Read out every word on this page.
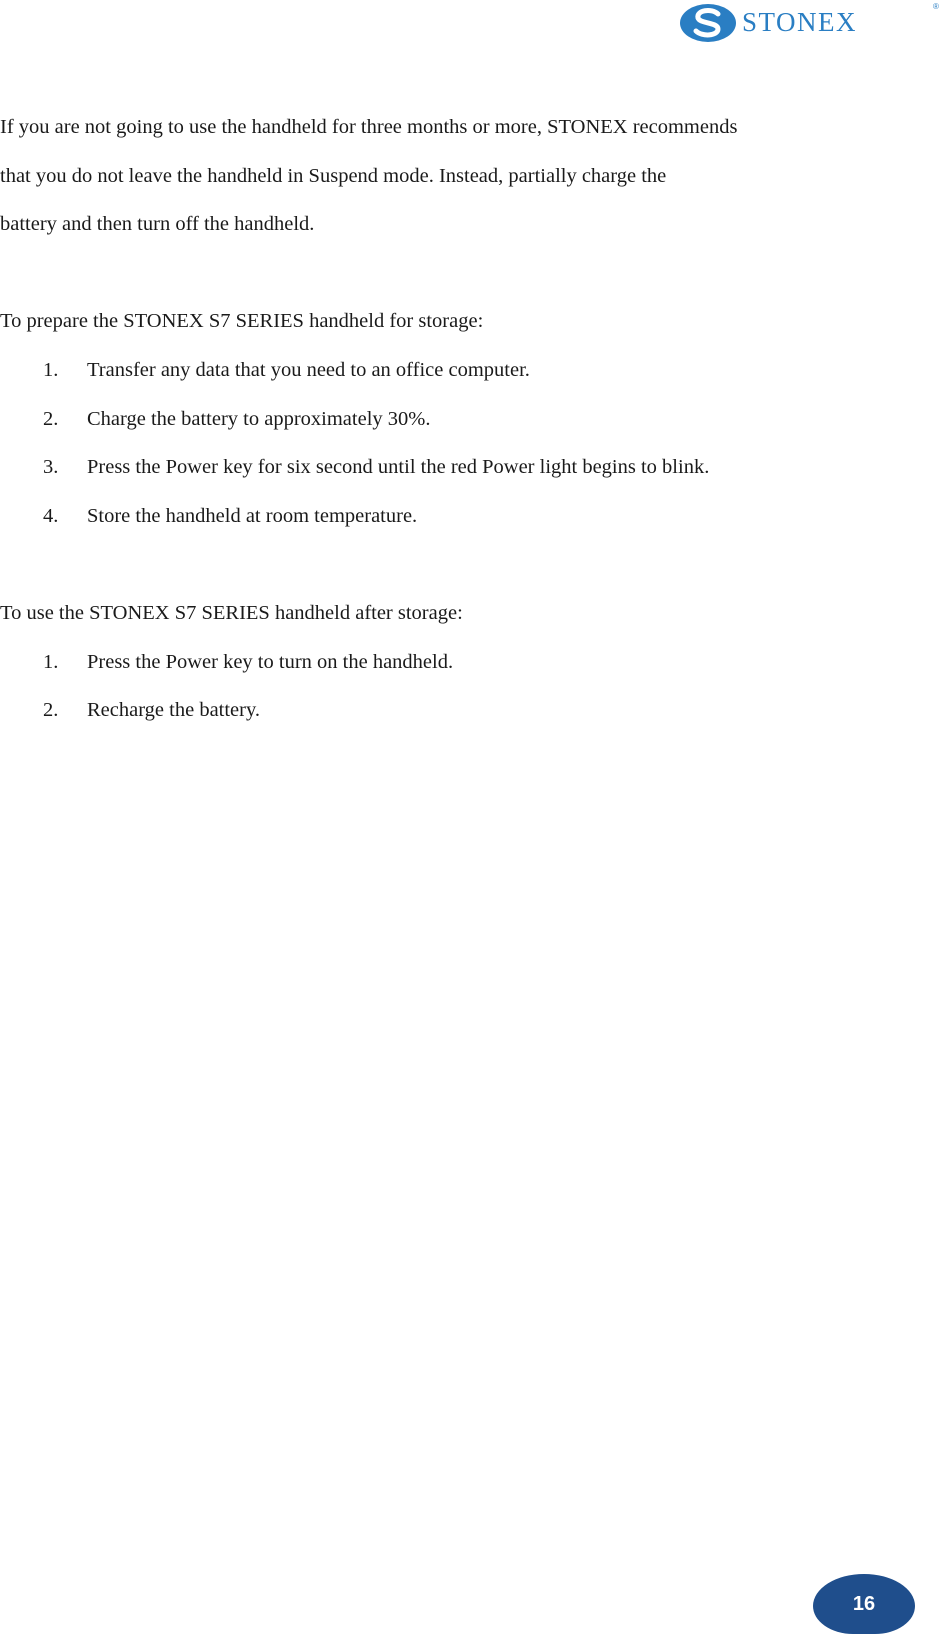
STONEX
®

If you are not going to use the handheld for three months or more, STONEX recommends
that you do not leave the handheld in Suspend mode. Instead, partially charge the
battery and then turn off the handheld.

To prepare the STONEX S7 SERIES handheld for storage:

1. Transfer any data that you need to an office computer.
2. Charge the battery to approximately 30%.
3. Press the Power key for six second until the red Power light begins to blink.
4. Store the handheld at room temperature.

To use the STONEX S7 SERIES handheld after storage:

1. Press the Power key to turn on the handheld.
2. Recharge the battery.
16
